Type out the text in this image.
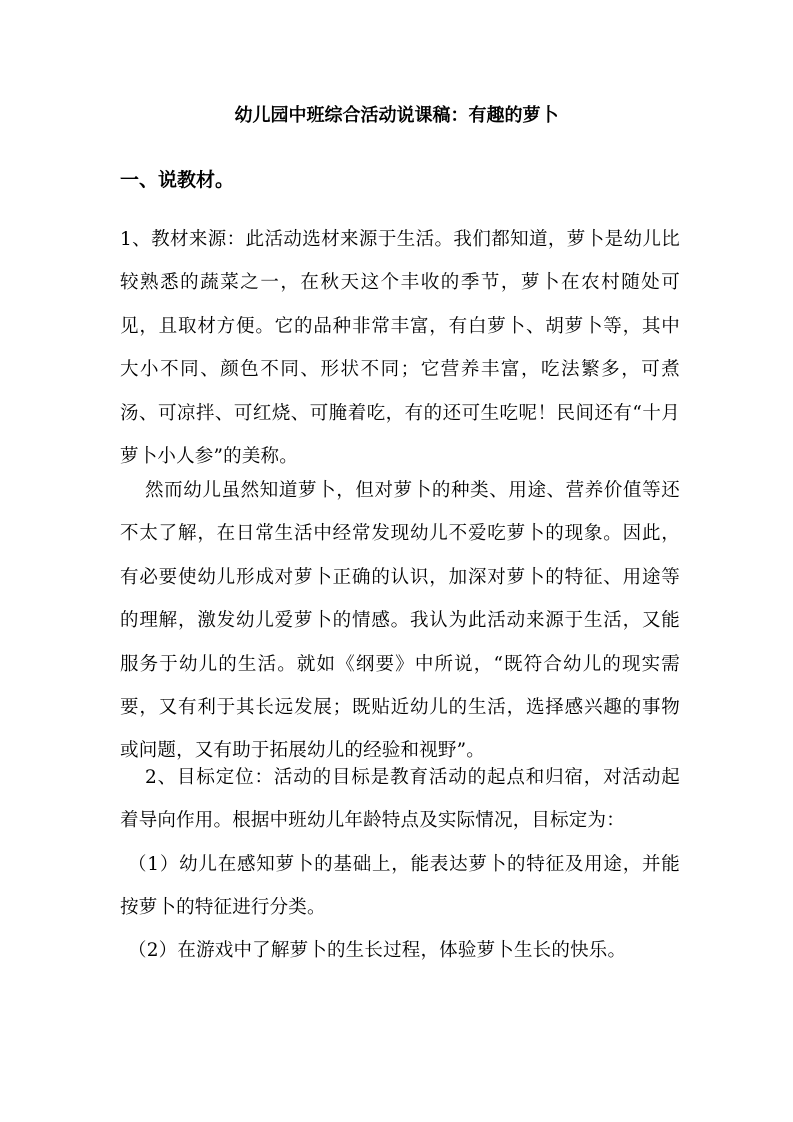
幼儿园中班综合活动说课稿：有趣的萝卜
一、说教材。

1、教材来源：此活动选材来源于生活。我们都知道，萝卜是幼儿比较熟悉的蔬菜之一，在秋天这个丰收的季节，萝卜在农村随处可见，且取材方便。它的品种非常丰富，有白萝卜、胡萝卜等，其中大小不同、颜色不同、形状不同；它营养丰富，吃法繁多，可煮汤、可凉拌、可红烧、可腌着吃，有的还可生吃呢！民间还有“十月萝卜小人参”的美称。

然而幼儿虽然知道萝卜，但对萝卜的种类、用途、营养价值等还不太了解，在日常生活中经常发现幼儿不爱吃萝卜的现象。因此，有必要使幼儿形成对萝卜正确的认识，加深对萝卜的特征、用途等的理解，激发幼儿爱萝卜的情感。我认为此活动来源于生活，又能服务于幼儿的生活。就如《纲要》中所说，“既符合幼儿的现实需要，又有利于其长远发展；既贴近幼儿的生活，选择感兴趣的事物或问题，又有助于拓展幼儿的经验和视野”。

2、目标定位：活动的目标是教育活动的起点和归宿，对活动起着导向作用。根据中班幼儿年龄特点及实际情况，目标定为：

（1）幼儿在感知萝卜的基础上，能表达萝卜的特征及用途，并能按萝卜的特征进行分类。

（2）在游戏中了解萝卜的生长过程，体验萝卜生长的快乐。
